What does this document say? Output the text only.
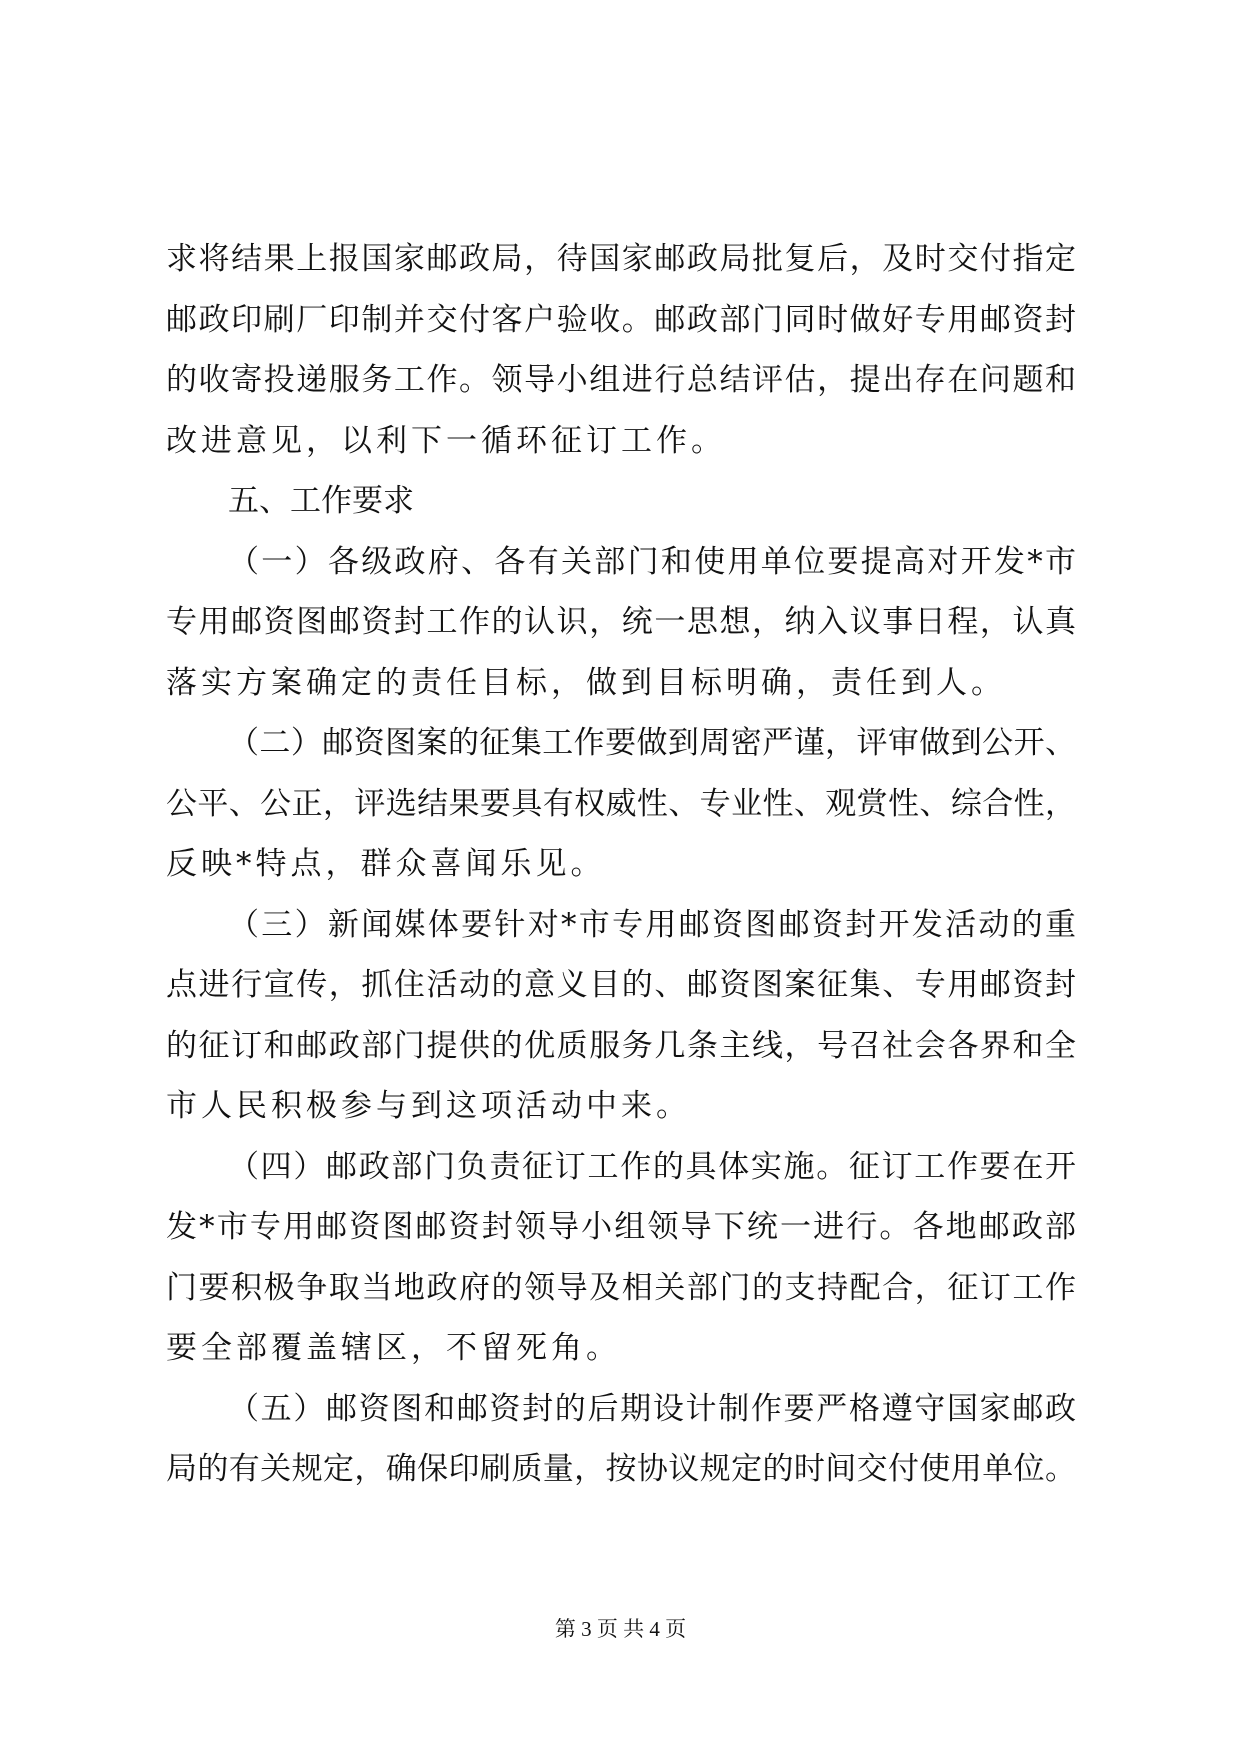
求将结果上报国家邮政局，待国家邮政局批复后，及时交付指定
邮政印刷厂印制并交付客户验收。邮政部门同时做好专用邮资封
的收寄投递服务工作。领导小组进行总结评估，提出存在问题和
改进意见，以利下一循环征订工作。
五、工作要求
（一）各级政府、各有关部门和使用单位要提高对开发*市
专用邮资图邮资封工作的认识，统一思想，纳入议事日程，认真
落实方案确定的责任目标，做到目标明确，责任到人。
（二）邮资图案的征集工作要做到周密严谨，评审做到公开、
公平、公正，评选结果要具有权威性、专业性、观赏性、综合性，
反映*特点，群众喜闻乐见。
（三）新闻媒体要针对*市专用邮资图邮资封开发活动的重
点进行宣传，抓住活动的意义目的、邮资图案征集、专用邮资封
的征订和邮政部门提供的优质服务几条主线，号召社会各界和全
市人民积极参与到这项活动中来。
（四）邮政部门负责征订工作的具体实施。征订工作要在开
发*市专用邮资图邮资封领导小组领导下统一进行。各地邮政部
门要积极争取当地政府的领导及相关部门的支持配合，征订工作
要全部覆盖辖区，不留死角。
（五）邮资图和邮资封的后期设计制作要严格遵守国家邮政
局的有关规定，确保印刷质量，按协议规定的时间交付使用单位。
第 3 页 共 4 页
